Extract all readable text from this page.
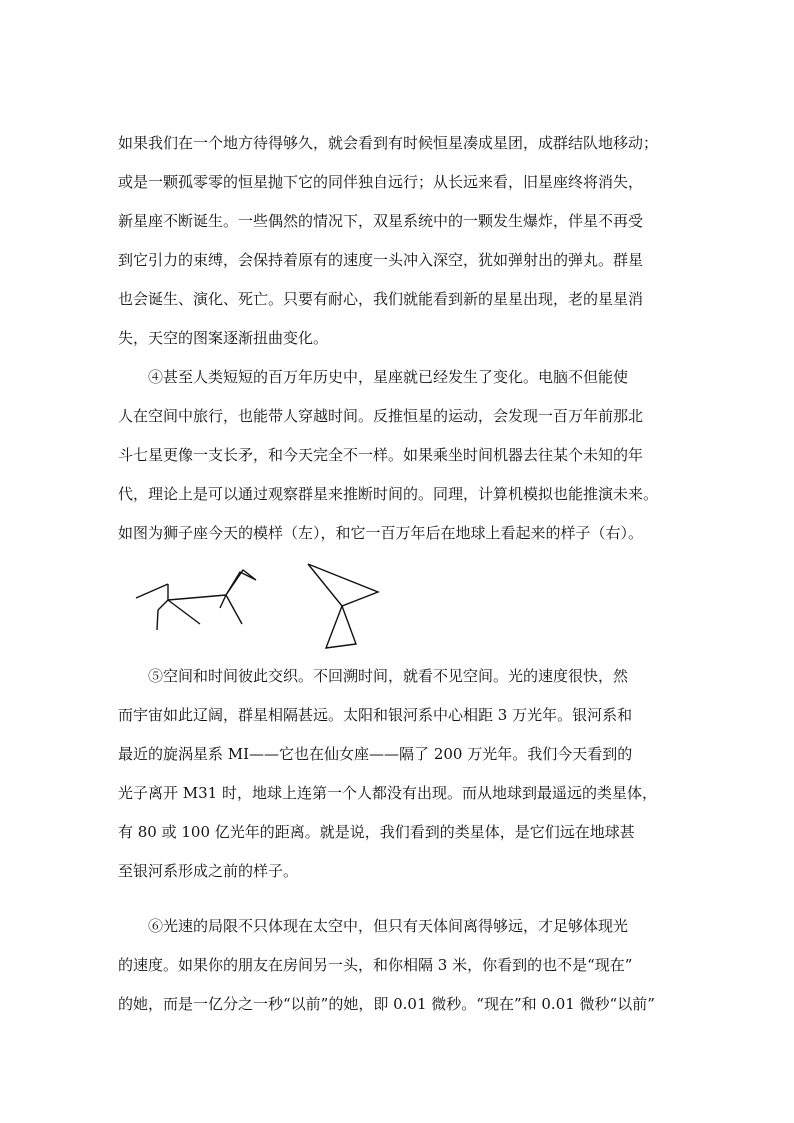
如果我们在一个地方待得够久，就会看到有时候恒星凑成星团，成群结队地移动；
或是一颗孤零零的恒星抛下它的同伴独自远行；从长远来看，旧星座终将消失，
新星座不断诞生。一些偶然的情况下，双星系统中的一颗发生爆炸，伴星不再受
到它引力的束缚，会保持着原有的速度一头冲入深空，犹如弹射出的弹丸。群星
也会诞生、演化、死亡。只要有耐心，我们就能看到新的星星出现，老的星星消
失，天空的图案逐渐扭曲变化。
④甚至人类短短的百万年历史中，星座就已经发生了变化。电脑不但能使
人在空间中旅行，也能带人穿越时间。反推恒星的运动，会发现一百万年前那北
斗七星更像一支长矛，和今天完全不一样。如果乘坐时间机器去往某个未知的年
代，理论上是可以通过观察群星来推断时间的。同理，计算机模拟也能推演未来。
如图为狮子座今天的模样（左），和它一百万年后在地球上看起来的样子（右）。
⑤空间和时间彼此交织。不回溯时间，就看不见空间。光的速度很快，然
而宇宙如此辽阔，群星相隔甚远。太阳和银河系中心相距 3 万光年。银河系和
最近的旋涡星系 MI——它也在仙女座——隔了 200 万光年。我们今天看到的
光子离开 M31 时，地球上连第一个人都没有出现。而从地球到最遥远的类星体，
有 80 或 100 亿光年的距离。就是说，我们看到的类星体，是它们远在地球甚
至银河系形成之前的样子。
⑥光速的局限不只体现在太空中，但只有天体间离得够远，才足够体现光
的速度。如果你的朋友在房间另一头，和你相隔 3 米，你看到的也不是“现在”
的她，而是一亿分之一秒“以前”的她，即 0.01 微秒。“现在”和 0.01 微秒“以前”
